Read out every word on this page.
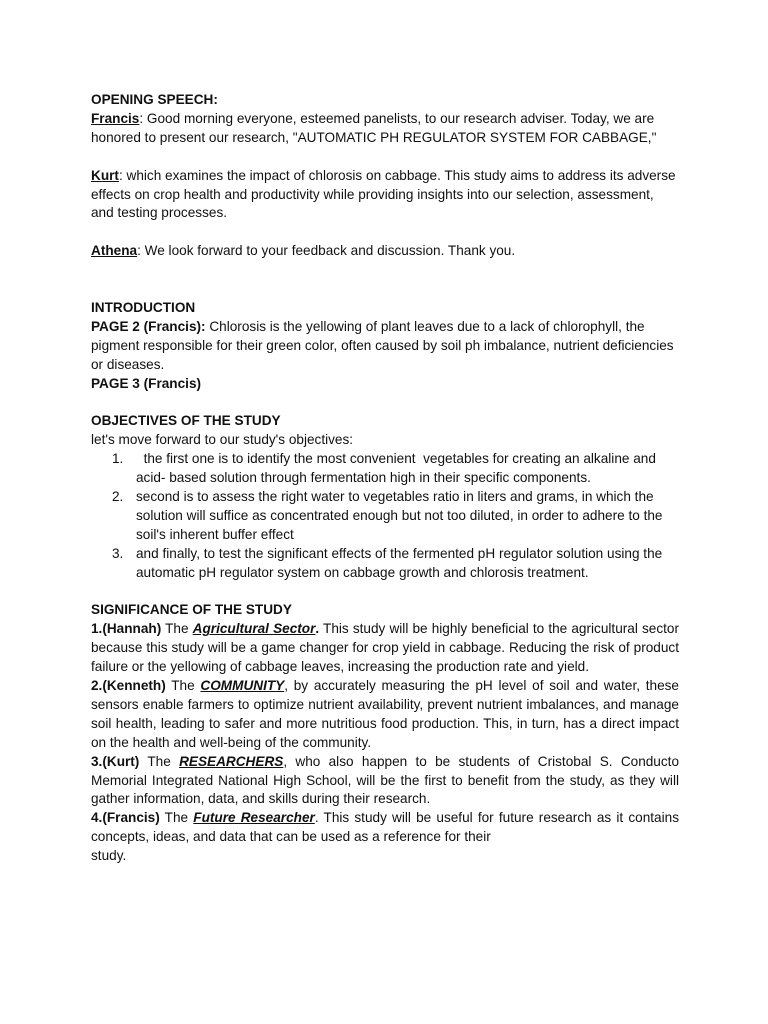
OPENING SPEECH:

Francis: Good morning everyone, esteemed panelists, to our research adviser. Today, we are honored to present our research, "AUTOMATIC PH REGULATOR SYSTEM FOR CABBAGE,"

Kurt: which examines the impact of chlorosis on cabbage. This study aims to address its adverse effects on crop health and productivity while providing insights into our selection, assessment, and testing processes.

Athena: We look forward to your feedback and discussion. Thank you.

INTRODUCTION

PAGE 2 (Francis): Chlorosis is the yellowing of plant leaves due to a lack of chlorophyll, the pigment responsible for their green color, often caused by soil ph imbalance, nutrient deficiencies or diseases.

PAGE 3 (Francis)

OBJECTIVES OF THE STUDY

let's move forward to our study's objectives:

1. the first one is to identify the most convenient  vegetables for creating an alkaline and acid- based solution through fermentation high in their specific components.
2. second is to assess the right water to vegetables ratio in liters and grams, in which the solution will suffice as concentrated enough but not too diluted, in order to adhere to the soil's inherent buffer effect
3. and finally, to test the significant effects of the fermented pH regulator solution using the automatic pH regulator system on cabbage growth and chlorosis treatment.

SIGNIFICANCE OF THE STUDY

1.(Hannah) The Agricultural Sector. This study will be highly beneficial to the agricultural sector because this study will be a game changer for crop yield in cabbage. Reducing the risk of product failure or the yellowing of cabbage leaves, increasing the production rate and yield.

2.(Kenneth) The COMMUNITY, by accurately measuring the pH level of soil and water, these sensors enable farmers to optimize nutrient availability, prevent nutrient imbalances, and manage soil health, leading to safer and more nutritious food production. This, in turn, has a direct impact on the health and well-being of the community.

3.(Kurt) The RESEARCHERS, who also happen to be students of Cristobal S. Conducto Memorial Integrated National High School, will be the first to benefit from the study, as they will gather information, data, and skills during their research.

4.(Francis) The Future Researcher. This study will be useful for future research as it contains concepts, ideas, and data that can be used as a reference for their

study.
